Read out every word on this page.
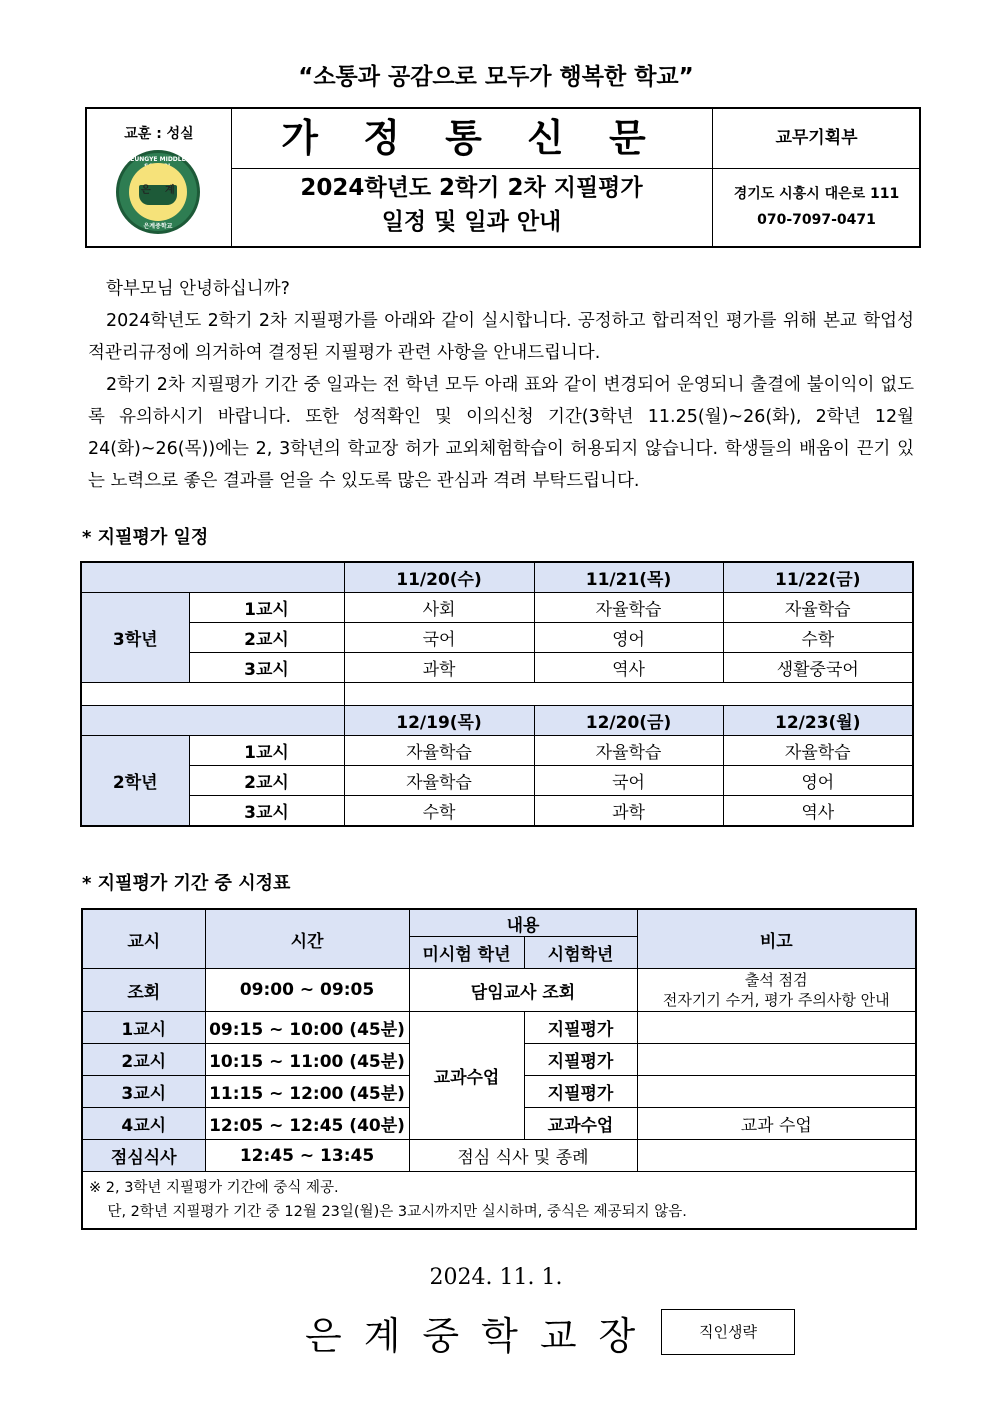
“소통과 공감으로 모두가 행복한 학교”
교훈 : 성실
EUNGYE MIDDLE
은 계
은계중학교
가 정 통 신 문
2024학년도 2학기 2차 지필평가
일정 및 일과 안내
교무기획부
경기도 시흥시 대은로 111
070-7097-0471

학부모님 안녕하십니까?

2024학년도 2학기 2차 지필평가를 아래와 같이 실시합니다. 공정하고 합리적인 평가를 위해 본교 학업성적관리규정에 의거하여 결정된 지필평가 관련 사항을 안내드립니다.

2학기 2차 지필평가 기간 중 일과는 전 학년 모두 아래 표와 같이 변경되어 운영되니 출결에 불이익이 없도록 유의하시기 바랍니다. 또한 성적확인 및 이의신청 기간(3학년 11.25(월)~26(화), 2학년 12월 24(화)~26(목))에는 2, 3학년의 학교장 허가 교외체험학습이 허용되지 않습니다. 학생들의 배움이 끈기 있는 노력으로 좋은 결과를 얻을 수 있도록 많은 관심과 격려 부탁드립니다.

* 지필평가 일정
		11/20(수)	11/21(목)	11/22(금)
3학년	1교시	사회	자율학습	자율학습
	2교시	국어	영어	수학
	3교시	과학	역사	생활중국어

		12/19(목)	12/20(금)	12/23(월)
2학년	1교시	자율학습	자율학습	자율학습
	2교시	자율학습	국어	영어
	3교시	수학	과학	역사
* 지필평가 기간 중 시정표
교시	시간	내용		비고
		미시험 학년	시험학년	
조회	09:00 ~ 09:05	담임교사 조회		출석 점검
전자기기 수거, 평가 주의사항 안내

1교시	09:15 ~ 10:00 (45분)	교과수업	지필평가	
2교시	10:15 ~ 11:00 (45분)		지필평가	
3교시	11:15 ~ 12:00 (45분)		지필평가	
4교시	12:05 ~ 12:45 (40분)		교과수업	교과 수업
점심식사	12:45 ~ 13:45	점심 식사 및 종례		

※ 2, 3학년 지필평가 기간에 중식 제공.
단, 2학년 지필평가 기간 중 12월 23일(월)은 3교시까지만 실시하며, 중식은 제공되지 않음.				
2024. 11. 1.
은계중학교장	직인생략
